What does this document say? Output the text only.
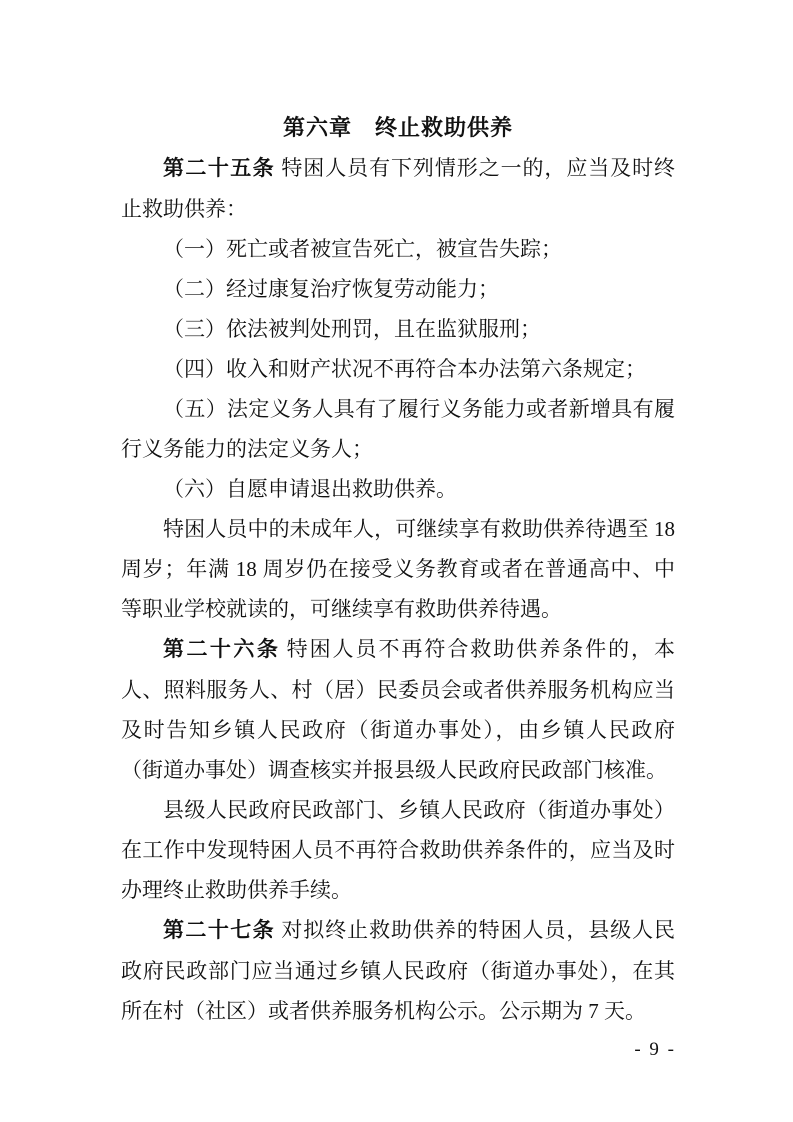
第六章　终止救助供养

第二十五条 特困人员有下列情形之一的，应当及时终止救助供养：

（一）死亡或者被宣告死亡，被宣告失踪；

（二）经过康复治疗恢复劳动能力；

（三）依法被判处刑罚，且在监狱服刑；

（四）收入和财产状况不再符合本办法第六条规定；

（五）法定义务人具有了履行义务能力或者新增具有履行义务能力的法定义务人；

（六）自愿申请退出救助供养。

特困人员中的未成年人，可继续享有救助供养待遇至 18 周岁；年满 18 周岁仍在接受义务教育或者在普通高中、中等职业学校就读的，可继续享有救助供养待遇。

第二十六条 特困人员不再符合救助供养条件的，本人、照料服务人、村（居）民委员会或者供养服务机构应当及时告知乡镇人民政府（街道办事处），由乡镇人民政府（街道办事处）调查核实并报县级人民政府民政部门核准。

县级人民政府民政部门、乡镇人民政府（街道办事处）在工作中发现特困人员不再符合救助供养条件的，应当及时办理终止救助供养手续。

第二十七条 对拟终止救助供养的特困人员，县级人民政府民政部门应当通过乡镇人民政府（街道办事处），在其所在村（社区）或者供养服务机构公示。公示期为 7 天。

- 9 -
